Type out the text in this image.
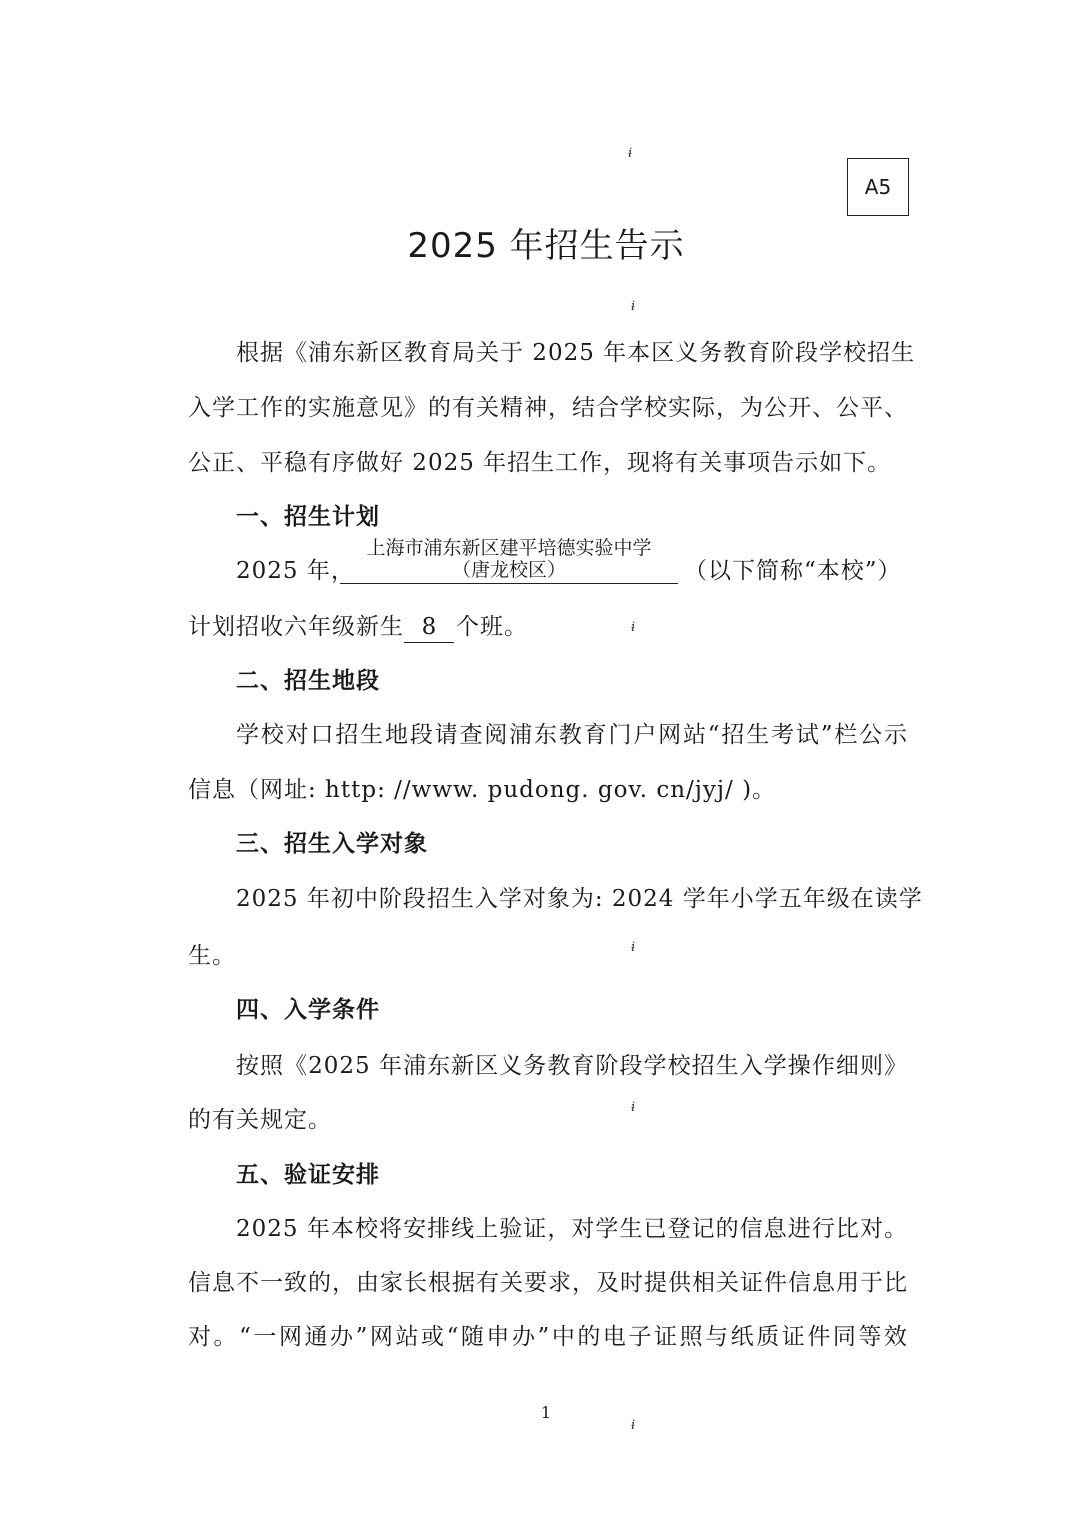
A5
2025 年招生告示
根据《浦东新区教育局关于 2025 年本区义务教育阶段学校招生
入学工作的实施意见》的有关精神，结合学校实际，为公开、公平、
公正、平稳有序做好 2025 年招生工作，现将有关事项告示如下。
一、招生计划
2025 年，
上海市浦东新区建平培德实验中学
（唐龙校区）	（以下简称“本校”）
计划招收六年级新生 8 个班。
二、招生地段
学校对口招生地段请查阅浦东教育门户网站“招生考试”栏公示
信息（网址: http: //www. pudong. gov. cn/jyj/ )。
三、招生入学对象
2025 年初中阶段招生入学对象为: 2024 学年小学五年级在读学
生。
四、入学条件
按照《2025 年浦东新区义务教育阶段学校招生入学操作细则》
的有关规定。
五、验证安排
2025 年本校将安排线上验证，对学生已登记的信息进行比对。
信息不一致的，由家长根据有关要求，及时提供相关证件信息用于比
对。“一网通办”网站或“随申办”中的电子证照与纸质证件同等效
1
ɨ
ɨ
ɨ
ɨ
ɨ
ɨ
